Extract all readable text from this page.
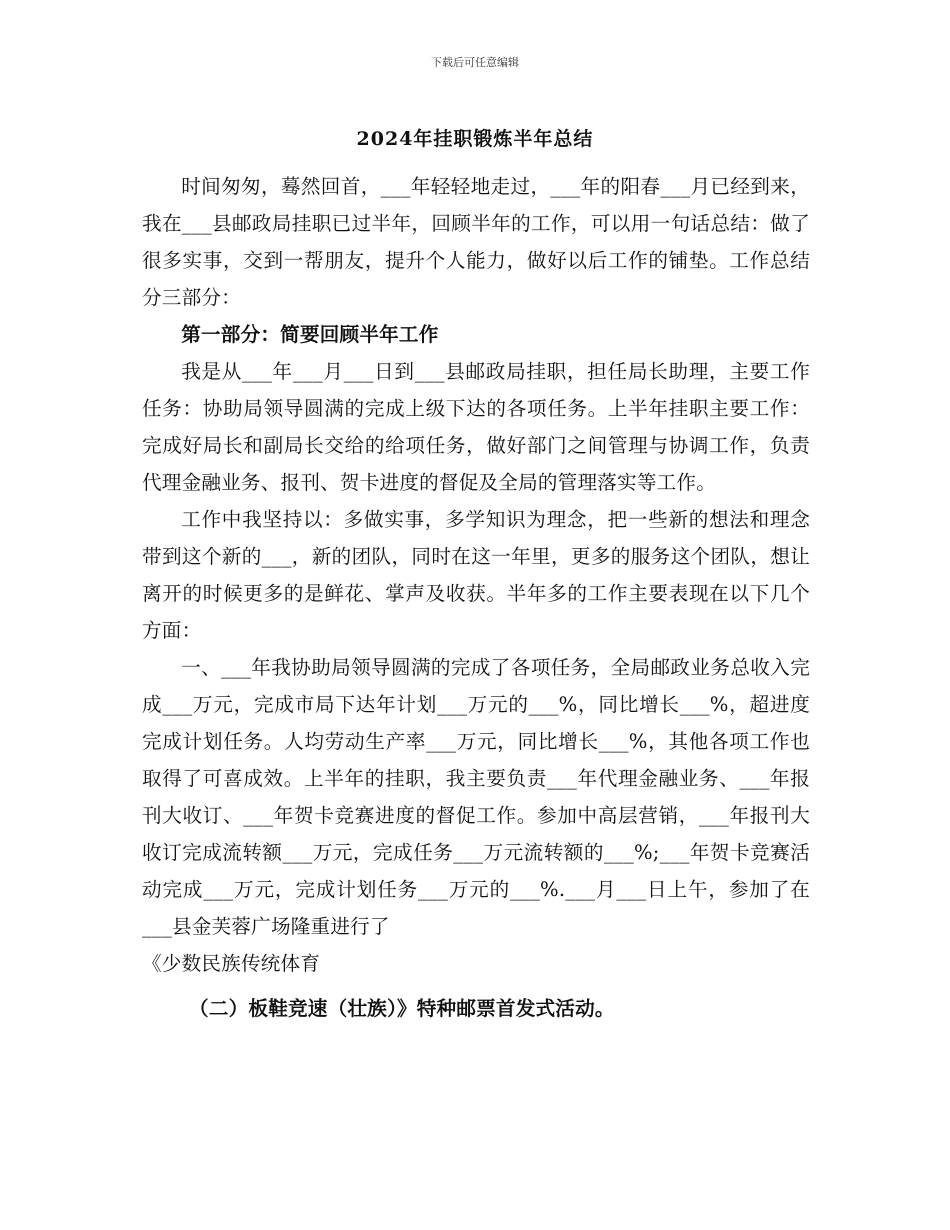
下载后可任意编辑
2024年挂职锻炼半年总结

时间匆匆，蓦然回首，___年轻轻地走过，___年的阳春___月已经到来，我在___县邮政局挂职已过半年，回顾半年的工作，可以用一句话总结：做了很多实事，交到一帮朋友，提升个人能力，做好以后工作的铺垫。工作总结分三部分：

第一部分：简要回顾半年工作

我是从___年___月___日到___县邮政局挂职，担任局长助理，主要工作任务：协助局领导圆满的完成上级下达的各项任务。上半年挂职主要工作：完成好局长和副局长交给的给项任务，做好部门之间管理与协调工作，负责代理金融业务、报刊、贺卡进度的督促及全局的管理落实等工作。

工作中我坚持以：多做实事，多学知识为理念，把一些新的想法和理念带到这个新的___，新的团队，同时在这一年里，更多的服务这个团队，想让离开的时候更多的是鲜花、掌声及收获。半年多的工作主要表现在以下几个方面：

一、___年我协助局领导圆满的完成了各项任务，全局邮政业务总收入完成___万元，完成市局下达年计划___万元的___%，同比增长___%，超进度完成计划任务。人均劳动生产率___万元，同比增长___%，其他各项工作也取得了可喜成效。上半年的挂职，我主要负责___年代理金融业务、___年报刊大收订、___年贺卡竞赛进度的督促工作。参加中高层营销，___年报刊大收订完成流转额___万元，完成任务___万元流转额的___%;___年贺卡竞赛活动完成___万元，完成计划任务___万元的___%.___月___日上午，参加了在___县金芙蓉广场隆重进行了

《少数民族传统体育

（二）板鞋竞速（壮族）》特种邮票首发式活动。
